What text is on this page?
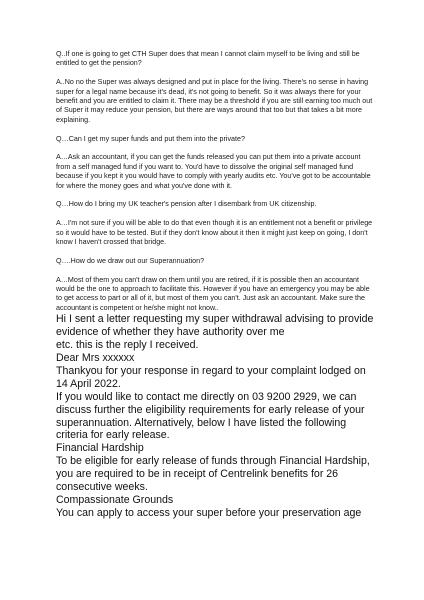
Q..If one is going to get CTH Super does that mean I cannot claim myself to be living and still be entitled to get the pension?

A..No no the Super was always designed and put in place for the living. There's no sense in having super for a legal name because it's dead, it's not going to benefit. So it was always there for your benefit and you are entitled to claim it. There may be a threshold if you are still earning too much out of Super it may reduce your pension, but there are ways around that too but that takes a bit more explaining.

Q…Can I get my super funds and put them into the private?

A…Ask an accountant, if you can get the funds released you can put them into a private account from a self managed fund if you want to. You'd have to dissolve the original self managed fund because if you kept it you would have to comply with yearly audits etc. You've got to be accountable for where the money goes and what you've done with it.

Q…How do I bring my UK teacher's pension after I disembark from UK citizenship.

A…I'm not sure if you will be able to do that even though it is an entitlement not a benefit or privilege so it would have to be tested. But if they don't know about it then it might just keep on going, I don't know I haven't crossed that bridge.

Q….How do we draw out our Superannuation?

A…Most of them you can't draw on them until you are retired, if it is possible then an accountant would be the one to approach to facilitate this. However if you have an emergency you may be able to get access to part or all of it, but most of them you can't. Just ask an accountant. Make sure the accountant is competent or he/she might not know..

Hi I sent a letter requesting my super withdrawal advising to provide evidence of whether they have authority over me

etc. this is the reply I received.

Dear Mrs xxxxxx

Thankyou for your response in regard to your complaint lodged on 14 April 2022.

If you would like to contact me directly on 03 9200 2929, we can discuss further the eligibility requirements for early release of your superannuation. Alternatively, below I have listed the following criteria for early release.

Financial Hardship

To be eligible for early release of funds through Financial Hardship, you are required to be in receipt of Centrelink benefits for 26 consecutive weeks.

Compassionate Grounds

You can apply to access your super before your preservation age
